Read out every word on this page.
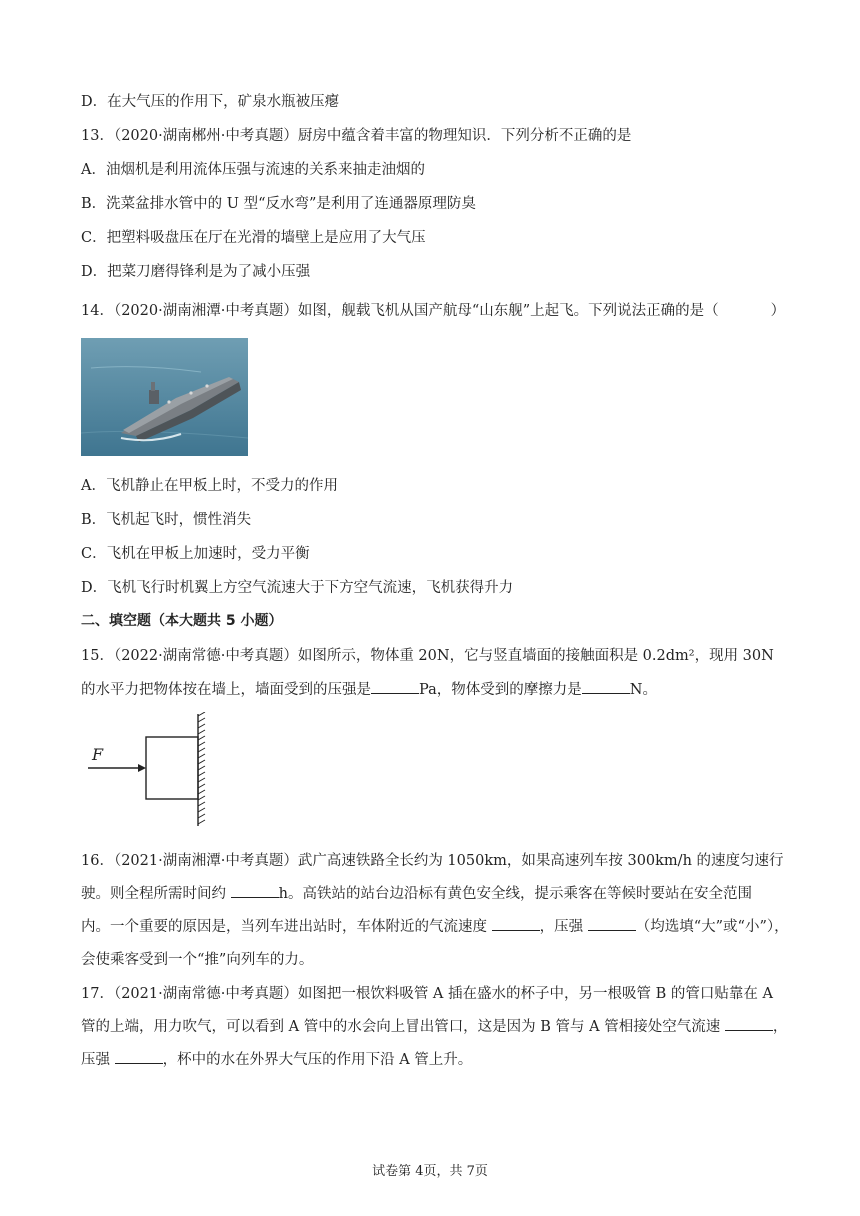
D．在大气压的作用下，矿泉水瓶被压瘪
13．（2020·湖南郴州·中考真题）厨房中蕴含着丰富的物理知识．下列分析不正确的是
A．油烟机是利用流体压强与流速的关系来抽走油烟的
B．洗菜盆排水管中的 U 型“反水弯”是利用了连通器原理防臭
C．把塑料吸盘压在厅在光滑的墙壁上是应用了大气压
D．把菜刀磨得锋利是为了减小压强
14．（2020·湖南湘潭·中考真题）如图，舰载飞机从国产航母“山东舰”上起飞。下列说法正确的是（	）
A．飞机静止在甲板上时，不受力的作用
B．飞机起飞时，惯性消失
C．飞机在甲板上加速时，受力平衡
D．飞机飞行时机翼上方空气流速大于下方空气流速，飞机获得升力
二、填空题（本大题共 5 小题）
15．（2022·湖南常德·中考真题）如图所示，物体重 20N，它与竖直墙面的接触面积是 0.2dm²，现用 30N
的水平力把物体按在墙上，墙面受到的压强是	Pa，物体受到的摩擦力是	N。
F
16．（2021·湖南湘潭·中考真题）武广高速铁路全长约为 1050km，如果高速列车按 300km/h 的速度匀速行
驶。则全程所需时间约	h。高铁站的站台边沿标有黄色安全线，提示乘客在等候时要站在安全范围
内。一个重要的原因是，当列车进出站时，车体附近的气流速度	，压强	（均选填“大”或“小”），
会使乘客受到一个“推”向列车的力。
17．（2021·湖南常德·中考真题）如图把一根饮料吸管 A 插在盛水的杯子中，另一根吸管 B 的管口贴靠在 A
管的上端，用力吹气，可以看到 A 管中的水会向上冒出管口，这是因为 B 管与 A 管相接处空气流速	，
压强	，杯中的水在外界大气压的作用下沿 A 管上升。
试卷第 4页，共 7页
